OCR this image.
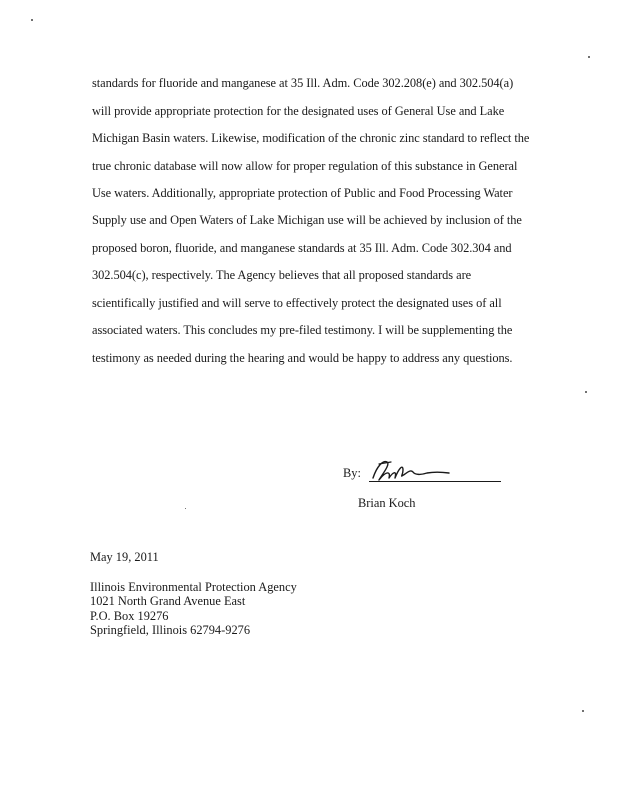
standards for fluoride and manganese at 35 Ill. Adm. Code 302.208(e) and 302.504(a)
will provide appropriate protection for the designated uses of General Use and Lake
Michigan Basin waters. Likewise, modification of the chronic zinc standard to reflect the
true chronic database will now allow for proper regulation of this substance in General
Use waters. Additionally, appropriate protection of Public and Food Processing Water
Supply use and Open Waters of Lake Michigan use will be achieved by inclusion of the
proposed boron, fluoride, and manganese standards at 35 Ill. Adm. Code 302.304 and
302.504(c), respectively. The Agency believes that all proposed standards are
scientifically justified and will serve to effectively protect the designated uses of all
associated waters. This concludes my pre-filed testimony. I will be supplementing the
testimony as needed during the hearing and would be happy to address any questions.
By:
Brian Koch
May 19, 2011
Illinois Environmental Protection Agency
1021 North Grand Avenue East
P.O. Box 19276
Springfield, Illinois 62794-9276
